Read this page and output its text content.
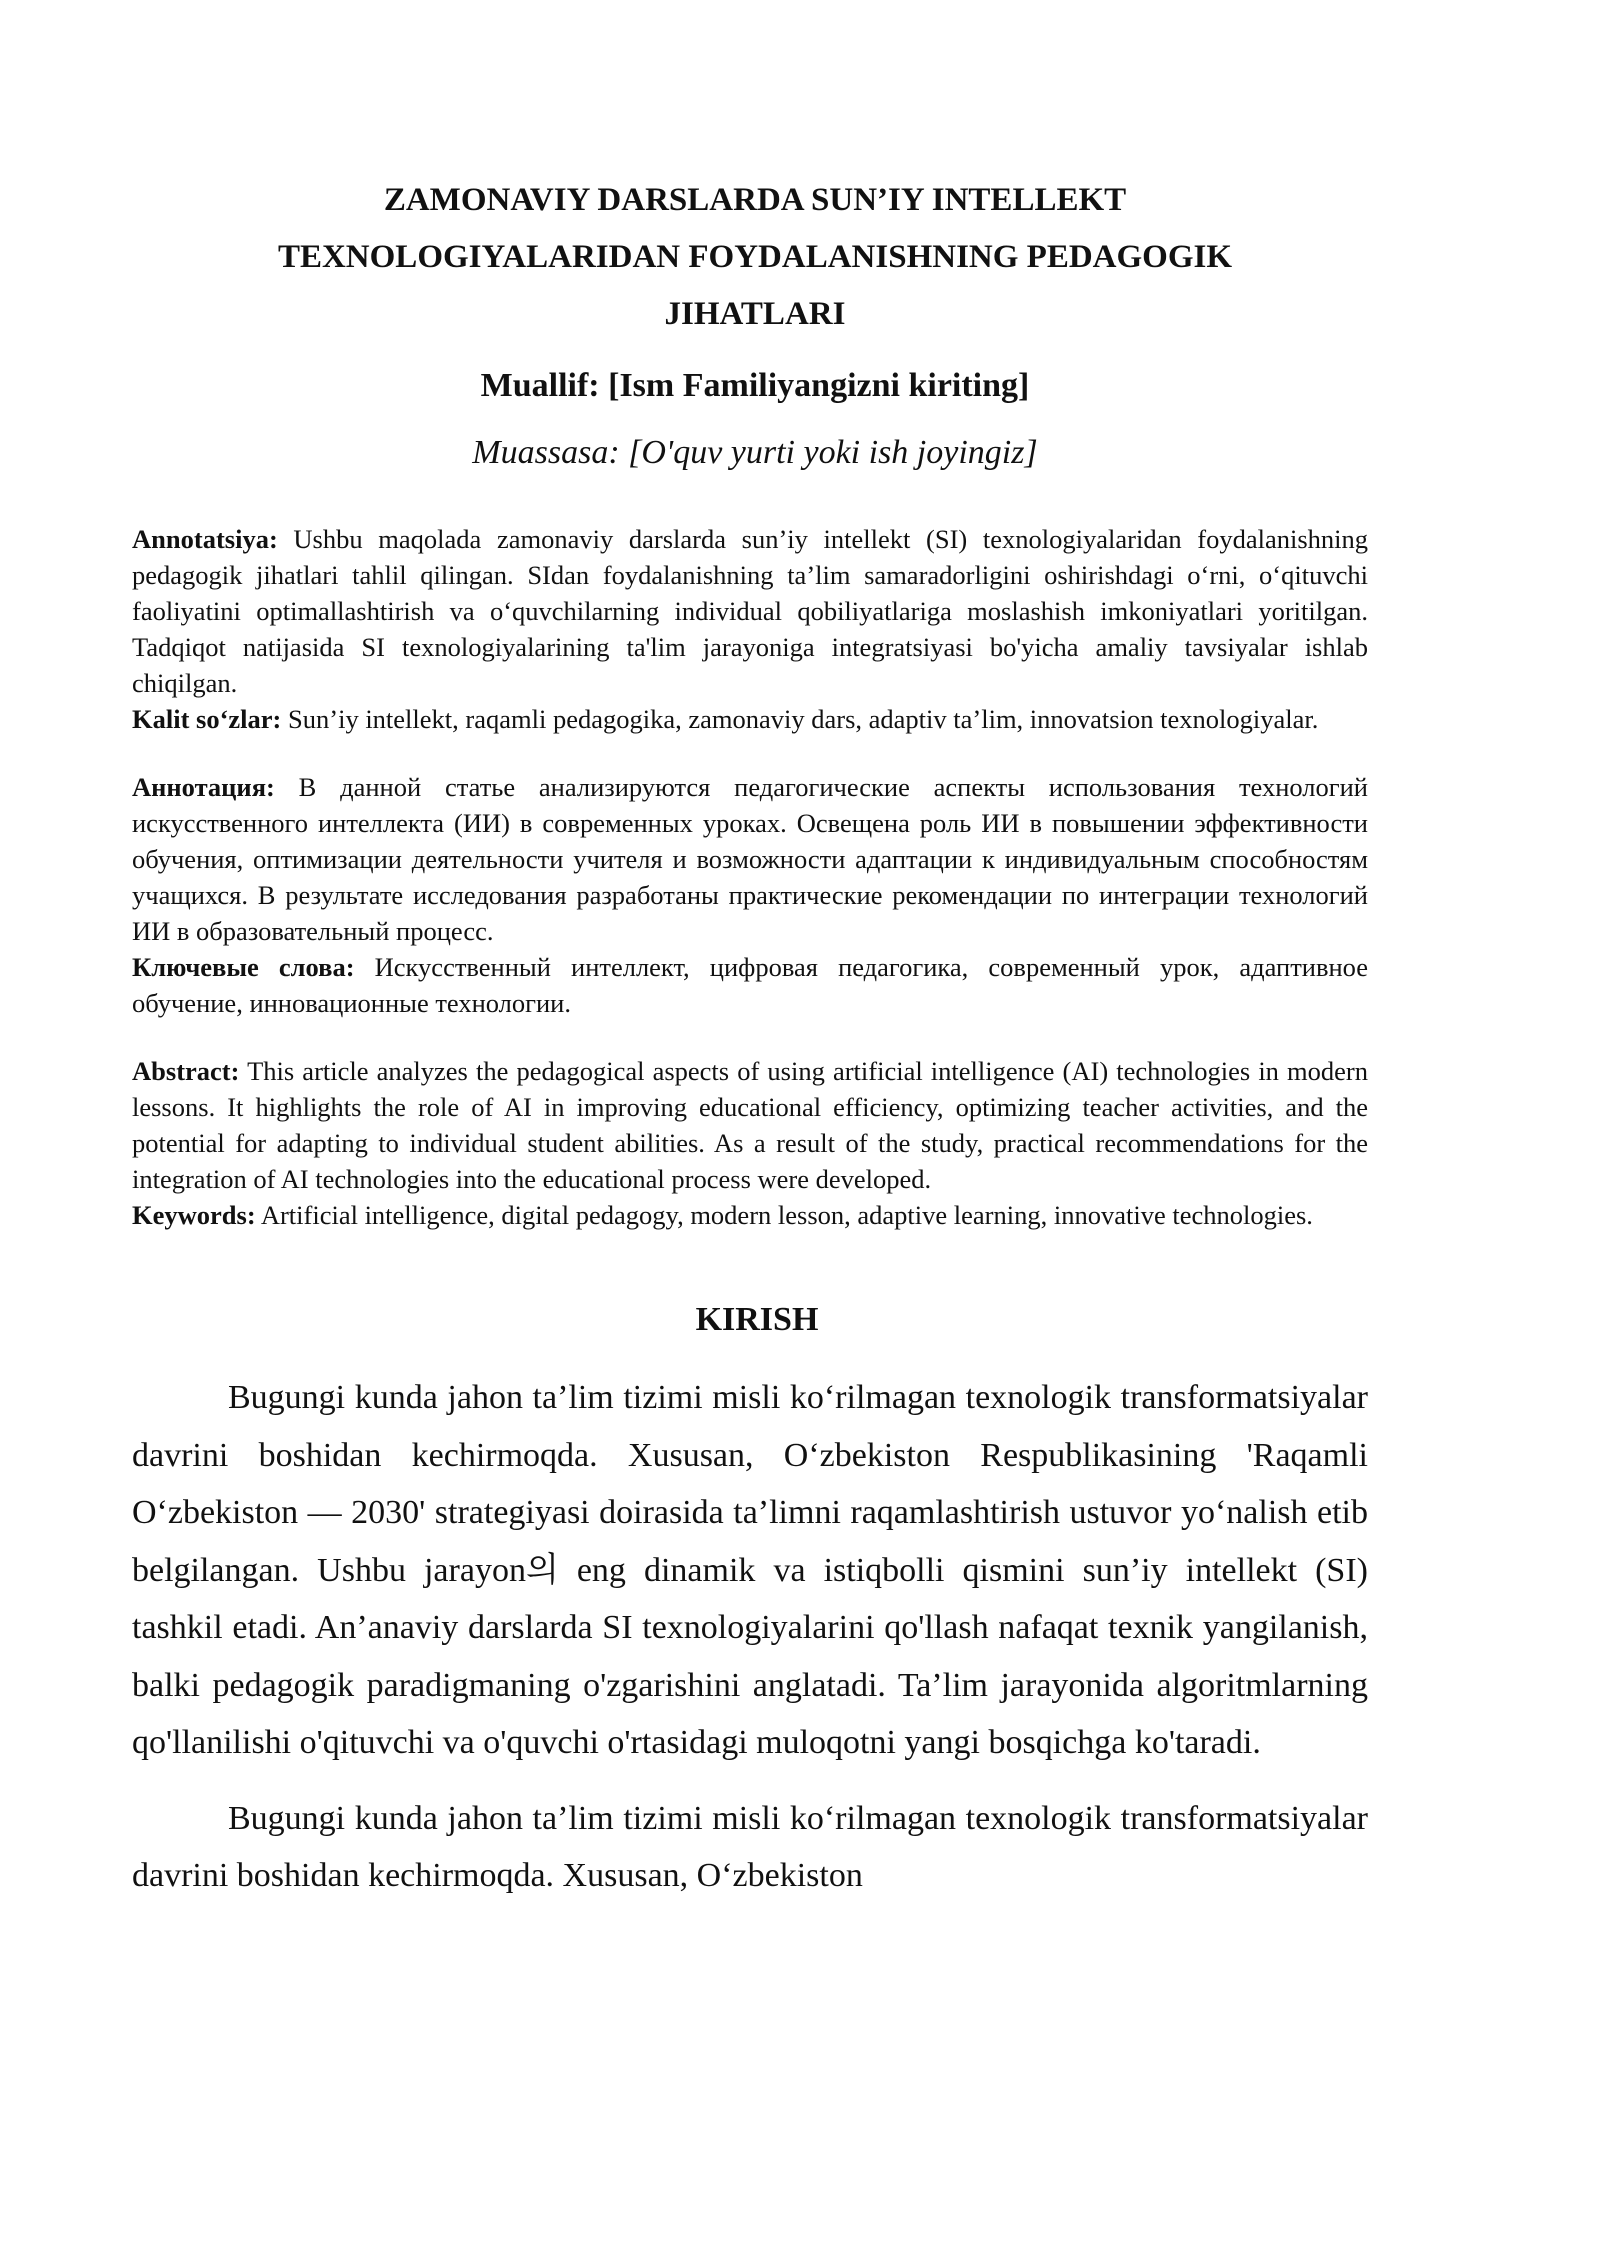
ZAMONAVIY DARSLARDA SUN’IY INTELLEKT
TEXNOLOGIYALARIDAN FOYDALANISHNING PEDAGOGIK
JIHATLARI
Muallif: [Ism Familiyangizni kiriting]
Muassasa: [O'quv yurti yoki ish joyingiz]

Annotatsiya: Ushbu maqolada zamonaviy darslarda sun’iy intellekt (SI) texnologiyalaridan foydalanishning pedagogik jihatlari tahlil qilingan. SIdan foydalanishning ta’lim samaradorligini oshirishdagi o‘rni, o‘qituvchi faoliyatini optimallashtirish va o‘quvchilarning individual qobiliyatlariga moslashish imkoniyatlari yoritilgan. Tadqiqot natijasida SI texnologiyalarining ta'lim jarayoniga integratsiyasi bo'yicha amaliy tavsiyalar ishlab chiqilgan.

Kalit so‘zlar: Sun’iy intellekt, raqamli pedagogika, zamonaviy dars, adaptiv ta’lim, innovatsion texnologiyalar.

Аннотация: В данной статье анализируются педагогические аспекты использования технологий искусственного интеллекта (ИИ) в современных уроках. Освещена роль ИИ в повышении эффективности обучения, оптимизации деятельности учителя и возможности адаптации к индивидуальным способностям учащихся. В результате исследования разработаны практические рекомендации по интеграции технологий ИИ в образовательный процесс.

Ключевые слова: Искусственный интеллект, цифровая педагогика, современный урок, адаптивное обучение, инновационные технологии.

Abstract: This article analyzes the pedagogical aspects of using artificial intelligence (AI) technologies in modern lessons. It highlights the role of AI in improving educational efficiency, optimizing teacher activities, and the potential for adapting to individual student abilities. As a result of the study, practical recommendations for the integration of AI technologies into the educational process were developed.

Keywords: Artificial intelligence, digital pedagogy, modern lesson, adaptive learning, innovative technologies.

KIRISH

Bugungi kunda jahon ta’lim tizimi misli ko‘rilmagan texnologik transformatsiyalar davrini boshidan kechirmoqda. Xususan, O‘zbekiston Respublikasining 'Raqamli O‘zbekiston — 2030' strategiyasi doirasida ta’limni raqamlashtirish ustuvor yo‘nalish etib belgilangan. Ushbu jarayon의 eng dinamik va istiqbolli qismini sun’iy intellekt (SI) tashkil etadi. An’anaviy darslarda SI texnologiyalarini qo'llash nafaqat texnik yangilanish, balki pedagogik paradigmaning o'zgarishini anglatadi. Ta’lim jarayonida algoritmlarning qo'llanilishi o'qituvchi va o'quvchi o'rtasidagi muloqotni yangi bosqichga ko'taradi.

Bugungi kunda jahon ta’lim tizimi misli ko‘rilmagan texnologik transformatsiyalar davrini boshidan kechirmoqda. Xususan, O‘zbekiston
